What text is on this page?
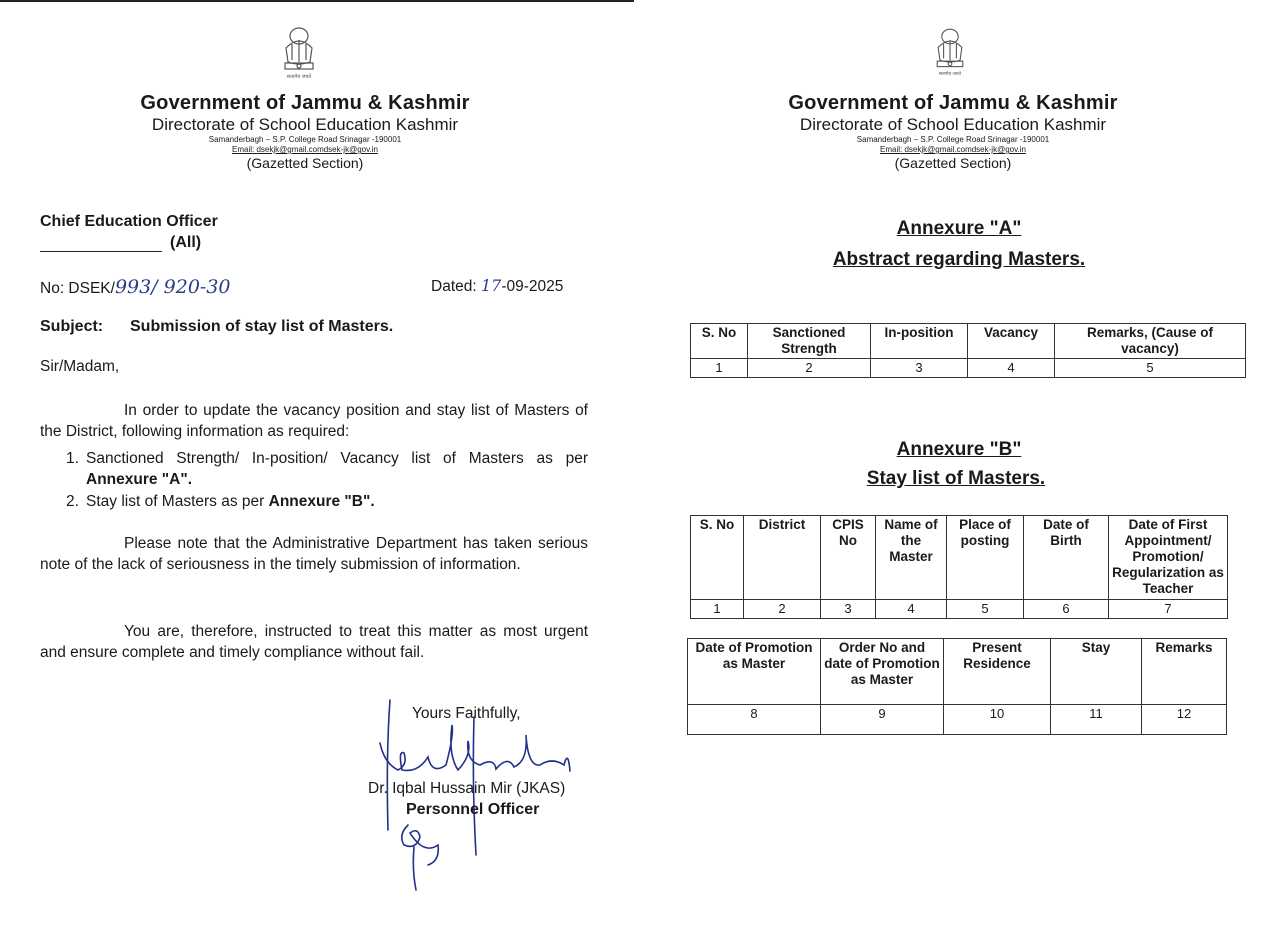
सत्यमेव जयते
Government of Jammu & Kashmir
Directorate of School Education Kashmir
Samanderbagh – S.P. College Road Srinagar -190001
Email: dsekjk@gmail.comdsek-jk@gov.in
(Gazetted Section)
Chief Education Officer
(All)
No: DSEK/993/ 920-30	Dated: 17-09-2025
Subject: Submission of stay list of Masters.
Sir/Madam,
In order to update the vacancy position and stay list of Masters of the District, following information as required:
1. Sanctioned Strength/ In-position/ Vacancy list of Masters as per Annexure "A".
2. Stay list of Masters as per Annexure "B".
Please note that the Administrative Department has taken serious note of the lack of seriousness in the timely submission of information.
You are, therefore, instructed to treat this matter as most urgent and ensure complete and timely compliance without fail.
Yours Faithfully,
Dr. Iqbal Hussain Mir (JKAS)
Personnel Officer
सत्यमेव जयते
Government of Jammu & Kashmir
Directorate of School Education Kashmir
Samanderbagh – S.P. College Road Srinagar -190001
Email: dsekjk@gmail.comdsek-jk@gov.in
(Gazetted Section)
Annexure "A"
Abstract regarding Masters.
S. No	Sanctioned Strength	In-position	Vacancy	Remarks, (Cause of vacancy)
1	2	3	4	5
Annexure "B"
Stay list of Masters.
S. No	District	CPIS No	Name of the Master	Place of posting	Date of Birth	Date of First Appointment/ Promotion/ Regularization as Teacher
1	2	3	4	5	6	7
Date of Promotion as Master	Order No and date of Promotion as Master	Present Residence	Stay	Remarks
8	9	10	11	12
